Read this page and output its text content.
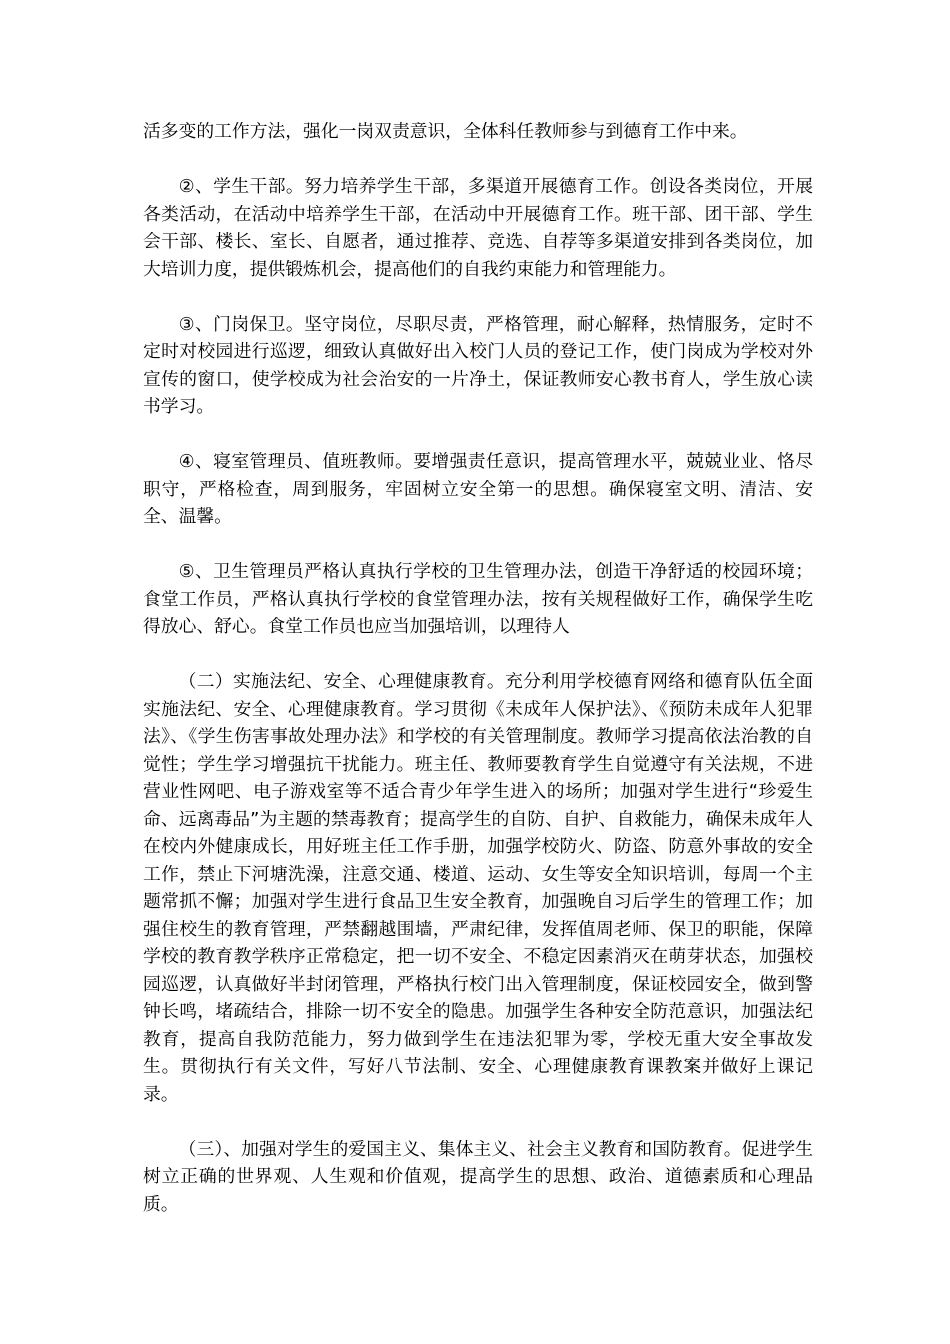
活多变的工作方法，强化一岗双责意识，全体科任教师参与到德育工作中来。

②、学生干部。努力培养学生干部，多渠道开展德育工作。创设各类岗位，开展各类活动，在活动中培养学生干部，在活动中开展德育工作。班干部、团干部、学生会干部、楼长、室长、自愿者，通过推荐、竞选、自荐等多渠道安排到各类岗位，加大培训力度，提供锻炼机会，提高他们的自我约束能力和管理能力。

③、门岗保卫。坚守岗位，尽职尽责，严格管理，耐心解释，热情服务，定时不定时对校园进行巡逻，细致认真做好出入校门人员的登记工作，使门岗成为学校对外宣传的窗口，使学校成为社会治安的一片净土，保证教师安心教书育人，学生放心读书学习。

④、寝室管理员、值班教师。要增强责任意识，提高管理水平，兢兢业业、恪尽职守，严格检查，周到服务，牢固树立安全第一的思想。确保寝室文明、清洁、安全、温馨。

⑤、卫生管理员严格认真执行学校的卫生管理办法，创造干净舒适的校园环境；食堂工作员，严格认真执行学校的食堂管理办法，按有关规程做好工作，确保学生吃得放心、舒心。食堂工作员也应当加强培训，以理待人

（二）实施法纪、安全、心理健康教育。充分利用学校德育网络和德育队伍全面实施法纪、安全、心理健康教育。学习贯彻《未成年人保护法》、《预防未成年人犯罪法》、《学生伤害事故处理办法》和学校的有关管理制度。教师学习提高依法治教的自觉性；学生学习增强抗干扰能力。班主任、教师要教育学生自觉遵守有关法规，不进营业性网吧、电子游戏室等不适合青少年学生进入的场所；加强对学生进行“珍爱生命、远离毒品”为主题的禁毒教育；提高学生的自防、自护、自救能力，确保未成年人在校内外健康成长，用好班主任工作手册，加强学校防火、防盗、防意外事故的安全工作，禁止下河塘洗澡，注意交通、楼道、运动、女生等安全知识培训，每周一个主题常抓不懈；加强对学生进行食品卫生安全教育，加强晚自习后学生的管理工作；加强住校生的教育管理，严禁翻越围墙，严肃纪律，发挥值周老师、保卫的职能，保障学校的教育教学秩序正常稳定，把一切不安全、不稳定因素消灭在萌芽状态，加强校园巡逻，认真做好半封闭管理，严格执行校门出入管理制度，保证校园安全，做到警钟长鸣，堵疏结合，排除一切不安全的隐患。加强学生各种安全防范意识，加强法纪教育，提高自我防范能力，努力做到学生在违法犯罪为零，学校无重大安全事故发生。贯彻执行有关文件，写好八节法制、安全、心理健康教育课教案并做好上课记录。

（三）、加强对学生的爱国主义、集体主义、社会主义教育和国防教育。促进学生树立正确的世界观、人生观和价值观，提高学生的思想、政治、道德素质和心理品质。
